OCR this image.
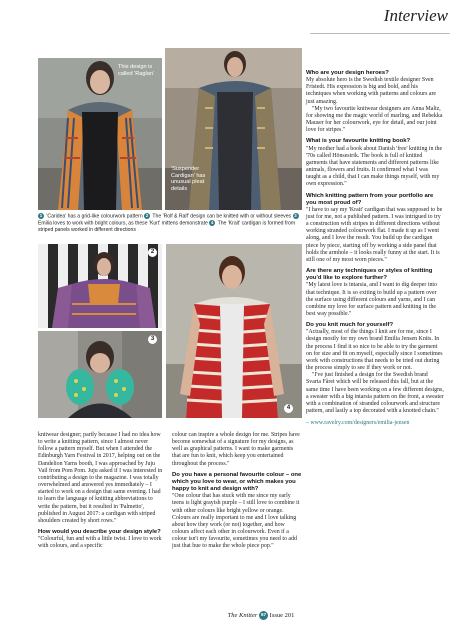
Interview
This design is called 'Raglan'
'Suspender Cardigan' has unusual pleat details
2
3
4
1 'Caridea' has a grid-like colourwork pattern 2 The 'Rolf & Ralf' design can be knitted with or without sleeves 3 Emilia loves to work with bright colours, as these 'Kurt' mittens demonstrate 4 The 'Krait' cardigan is formed from striped panels worked in different directions

knitwear designer; partly because I had no idea how to write a knitting pattern, since I almost never follow a pattern myself. But when I attended the Edinburgh Yarn Festival in 2017, helping out on the Dandelion Yarns booth, I was approached by Juju Vail from Pom Pom. Juju asked if I was interested in contributing a design to the magazine. I was totally overwhelmed and answered yes immediately – I started to work on a design that same evening. I had to learn the language of knitting abbreviations to write the pattern, but it resulted in 'Palmetto', published in August 2017: a cardigan with striped shoulders created by short rows."

How would you describe your design style?

"Colourful, fun and with a little twist. I love to work with colours, and a specific

colour can inspire a whole design for me. Stripes have become somewhat of a signature for my designs, as well as graphical patterns. I want to make garments that are fun to knit, which keep you entertained throughout the process."

Do you have a personal favourite colour – one which you love to wear, or which makes you happy to knit and design with?

"One colour that has stuck with me since my early teens is light grayish purple – I still love to combine it with other colours like bright yellow or orange. Colours are really important to me and I love talking about how they work (or not) together, and how colours affect each other in colourwork. Even if a colour isn't my favourite, sometimes you need to add just that hue to make the whole piece pop."

Who are your design heroes?

My absolute hero is the Swedish textile designer Sven Fristedt. His expression is big and bold, and his techniques when working with patterns and colours are just amazing.

"My two favourite knitwear designers are Anna Maltz, for showing me the magic world of marling, and Rebekka Mauser for her colourwork, eye for detail, and our joint love for stripes."

What is your favourite knitting book?

"My mother had a book about Danish 'free' knitting in the '70s called Hönsestrik. The book is full of knitted garments that have statements and different patterns like animals, flowers and fruits. It confirmed what I was taught as a child, that I can make things myself, with my own expression."

Which knitting pattern from your portfolio are you most proud of?

"I have to say my 'Krait' cardigan that was supposed to be just for me, not a published pattern. I was intrigued to try a construction with stripes in different directions without working stranded colourwork flat. I made it up as I went along, and I love the result. You build up the cardigan piece by piece, starting off by working a side panel that holds the armhole – it looks really funny at the start. It is still one of my most worn pieces."

Are there any techniques or styles of knitting you'd like to explore further?

"My latest love is intarsia, and I want to dig deeper into that technique. It is so exiting to build up a pattern over the surface using different colours and yarns, and I can combine my love for surface pattern and knitting in the best way possible."

Do you knit much for yourself?

"Actually, most of the things I knit are for me, since I design mostly for my own brand Emilia Jensen Knits. In the process I find it so nice to be able to try the garment on for size and fit on myself, especially since I sometimes work with constructions that needs to be tried out during the process simply to see if they work or not.

"I've just finished a design for the Swedish brand Svarta Fåret which will be released this fall, but at the same time I have been working on a few different designs, a sweater with a big intarsia pattern on the front, a sweater with a combination of stranded colourwork and structure pattern, and lastly a top decorated with a knotted chain."

– www.ravelry.com/designers/emilia-jensen

The Knitter 57 Issue 201
